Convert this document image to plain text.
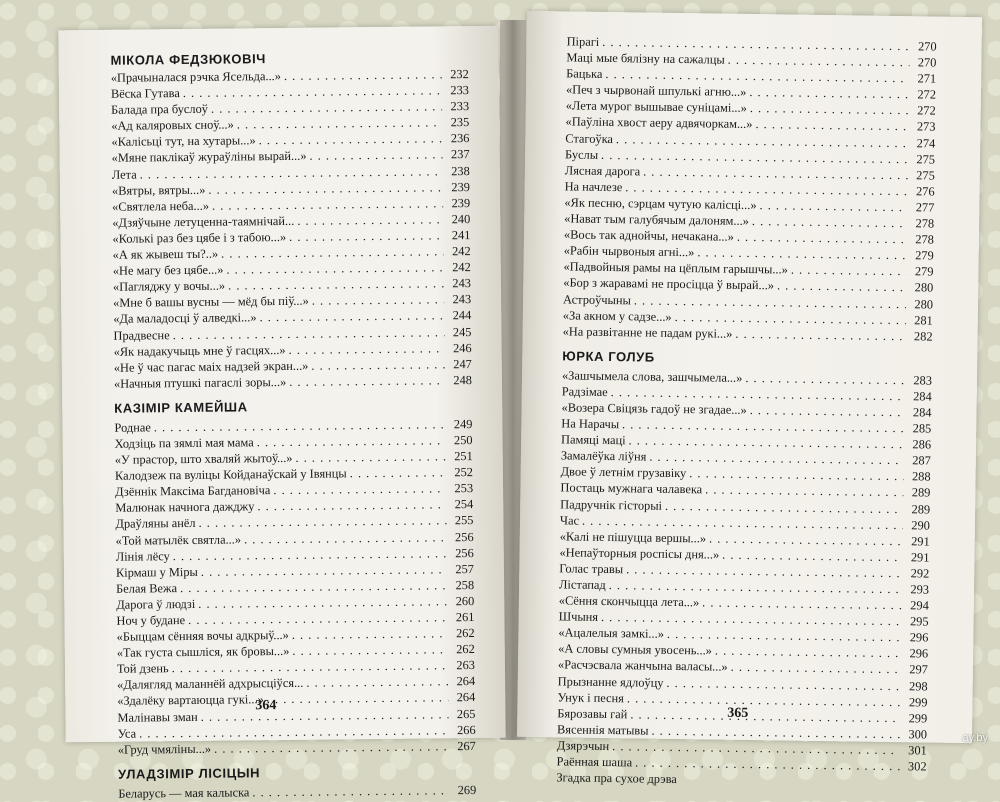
МІКОЛА ФЕДЗЮКОВІЧ
«Прачыналася рэчка Ясельда...» . . .	232
Вёска Гутава . . .	233
Балада пра буслоў . . .	233
«Ад каляровых сноў...» . . .	235
«Калісьці тут, на хутары...» . . .	236
«Мяне паклікаў жураўліны вырай...» . . .	237
Лета . . .	238
«Вятры, вятры...» . . .	239
«Святлела неба...» . . .	239
«Дзяўчыне летуценна-таямнічай... . . .	240
«Колькі раз без цябе і з табою...» . . .	241
«А як жывеш ты?..» . . .	242
«Не магу без цябе...» . . .	242
«Пагляджу у вочы...» . . .	243
«Мне б вашы вусны — мёд бы піў...» . . .	243
«Да маладосці ў алведкі...» . . .	244
Прадвесне . . .	245
«Як надакучыць мне ў гасцях...» . . .	246
«Не ў час пагас маіх надзей экран...» . . .	247
«Начныя птушкі пагаслі зоры...» . . .	248
КАЗІМІР КАМЕЙША
Роднае . . .	249
Ходзіць па зямлі мая мама . . .	250
«У прастор, што хваляй жытоў...» . . .	251
Калодзеж па вуліцы Койданаўскай у Івянцы . . .	252
Дзённік Максіма Багдановіча . . .	253
Малюнак начнога дажджу . . .	254
Драўляны анёл . . .	255
«Той матылёк святла...» . . .	256
Лінія лёсу . . .	256
Кірмаш у Міры . . .	257
Белая Вежа . . .	258
Дарога ў людзі . . .	260
Ноч у будане . . .	261
«Быццам сённяя вочы адкрыў...» . . .	262
«Так густа сышліся, як бровы...» . . .	262
Той дзень . . .	263
«Далягляд маланнёй адхрысціўся... . . .	264
«Здалёку вартаюцца гукі...» . . .	264
Малінавы зман . . .	265
Уса . . .	266
«Груд чмяліны...» . . .	267
УЛАДЗІМІР ЛІСІЦЫН
Беларусь — мая калыска . . .	269
364
Пірагі . . .	270
Маці мые бялізну на сажалцы . . .	270
Бацька . . .	271
«Печ з чырвонай шпулькі агню...» . . .	272
«Лета мурог вышывае суніцамі...» . . .	272
«Паўліна хвост аеру адвячоркам...» . . .	273
Стагоўка . . .	274
Буслы . . .	275
Лясная дарога . . .	275
На начлезе . . .	276
«Як песню, сэрцам чутую калісці...» . . .	277
«Нават тым галубячым далоням...» . . .	278
«Вось так аднойчы, нечакана...» . . .	278
«Рабін чырвоныя агні...» . . .	279
«Падвойныя рамы на цёплым гарышчы...» . . .	279
«Бор з жаравамі не просіцца ў вырай...» . . .	280
Астроўчыны . . .	280
«За акном у садзе...» . . .	281
«На развітанне не падам рукі...» . . .	282
ЮРКА ГОЛУБ
«Зашчымела слова, зашчымела...» . . .	283
Радзімае . . .	284
«Возера Свіцязь гадоў не згадае...» . . .	284
На Нарачы . . .	285
Памяці маці . . .	286
Замалёўка ліўня . . .	287
Двое ў летнім грузавіку . . .	288
Постаць мужнага чалавека . . .	289
Падручнік гісторыі . . .	289
Час . . .	290
«Калі не пішуцца вершы...» . . .	291
«Непаўторныя роспісы дня...» . . .	291
Голас травы . . .	292
Лістапад . . .	293
«Сёння скончыцца лета...» . . .	294
Шчыня . . .	295
«Ацалелыя замкі...» . . .	296
«А словы сумныя увосень...» . . .	296
«Расчэсвала жанчына валасы...» . . .	297
Прызнанне ядлоўцу . . .	298
Унук і песня . . .	299
Бярозавы гай . . .	299
Вясеннія матывы . . .	300
Дзярэчын . . .	301
Раённая шаша . . .	302
Згадка пра сухое дрэва
365
ay.by
